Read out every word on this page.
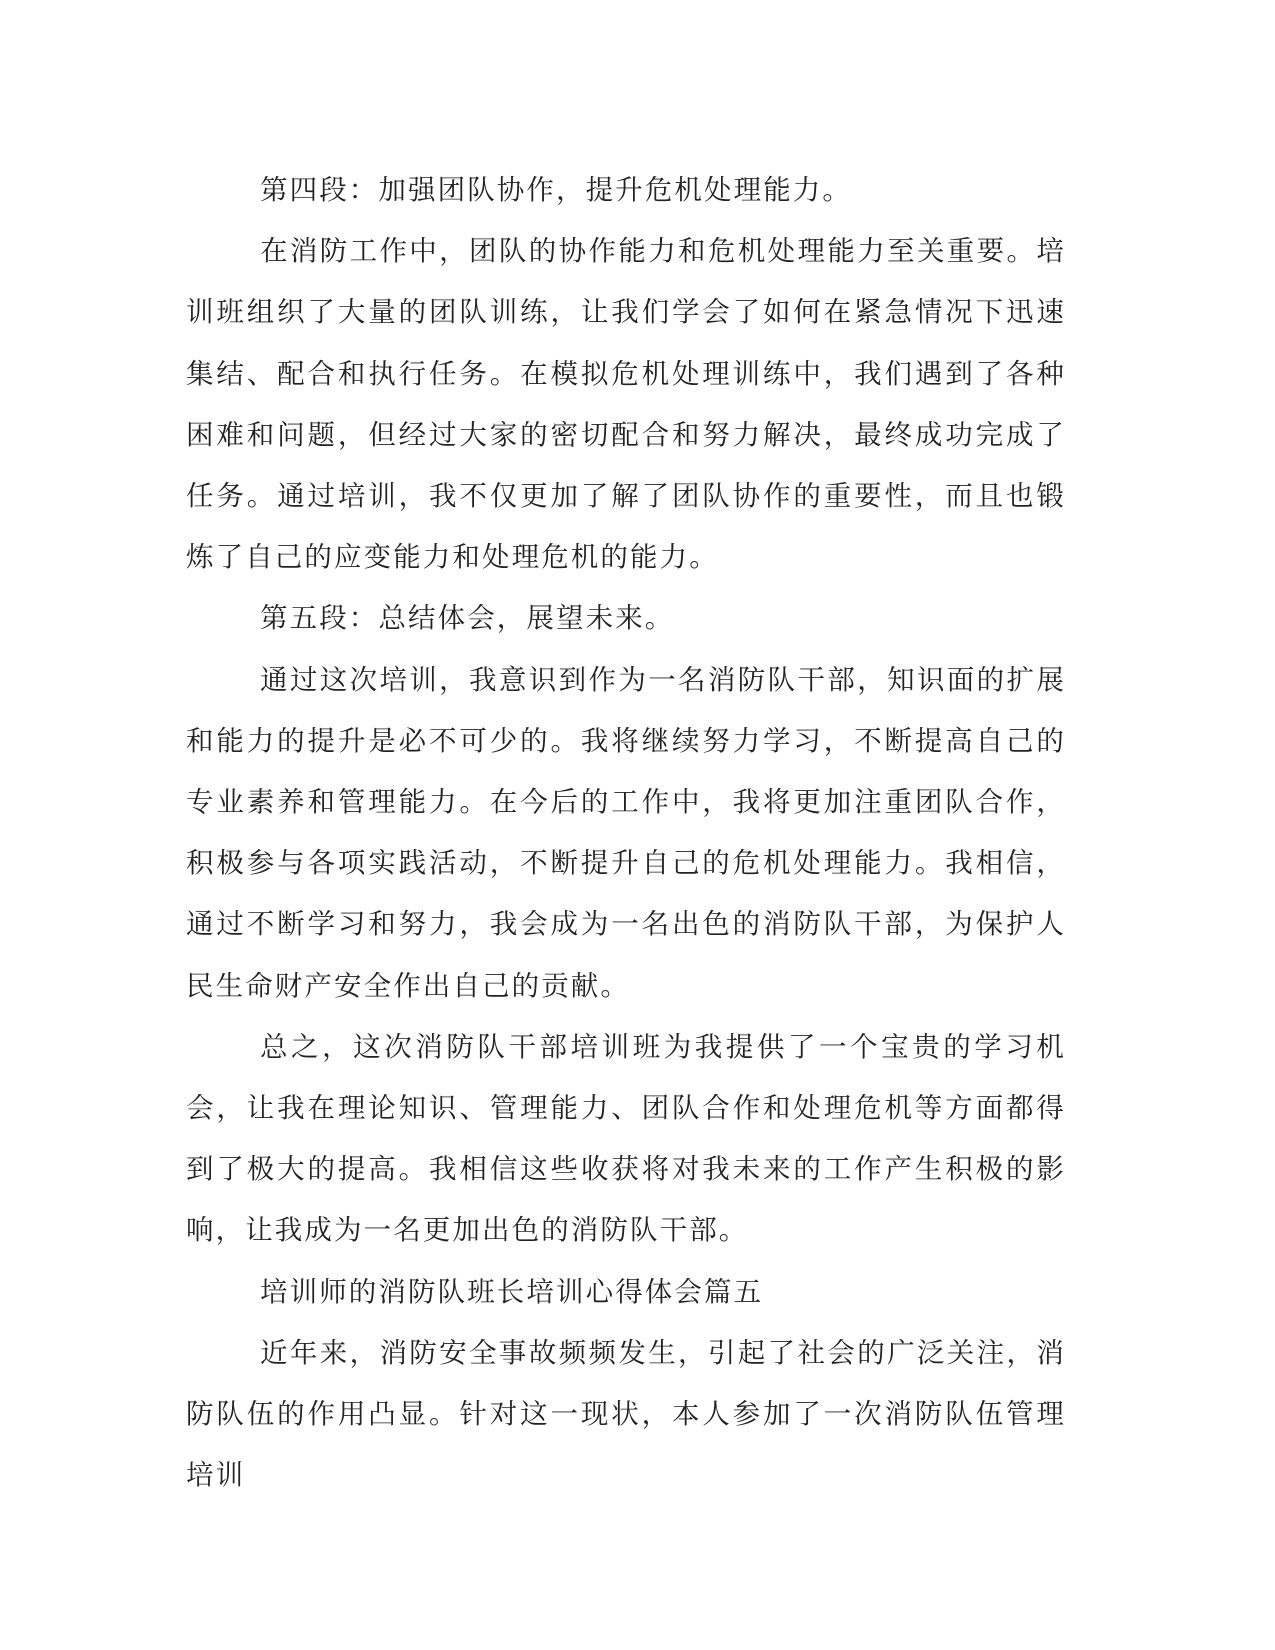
第四段：加强团队协作，提升危机处理能力。

在消防工作中，团队的协作能力和危机处理能力至关重要。培训班组织了大量的团队训练，让我们学会了如何在紧急情况下迅速集结、配合和执行任务。在模拟危机处理训练中，我们遇到了各种困难和问题，但经过大家的密切配合和努力解决，最终成功完成了任务。通过培训，我不仅更加了解了团队协作的重要性，而且也锻炼了自己的应变能力和处理危机的能力。

第五段：总结体会，展望未来。

通过这次培训，我意识到作为一名消防队干部，知识面的扩展和能力的提升是必不可少的。我将继续努力学习，不断提高自己的专业素养和管理能力。在今后的工作中，我将更加注重团队合作，积极参与各项实践活动，不断提升自己的危机处理能力。我相信，通过不断学习和努力，我会成为一名出色的消防队干部，为保护人民生命财产安全作出自己的贡献。

总之，这次消防队干部培训班为我提供了一个宝贵的学习机会，让我在理论知识、管理能力、团队合作和处理危机等方面都得到了极大的提高。我相信这些收获将对我未来的工作产生积极的影响，让我成为一名更加出色的消防队干部。

培训师的消防队班长培训心得体会篇五

近年来，消防安全事故频频发生，引起了社会的广泛关注，消防队伍的作用凸显。针对这一现状，本人参加了一次消防队伍管理培训
